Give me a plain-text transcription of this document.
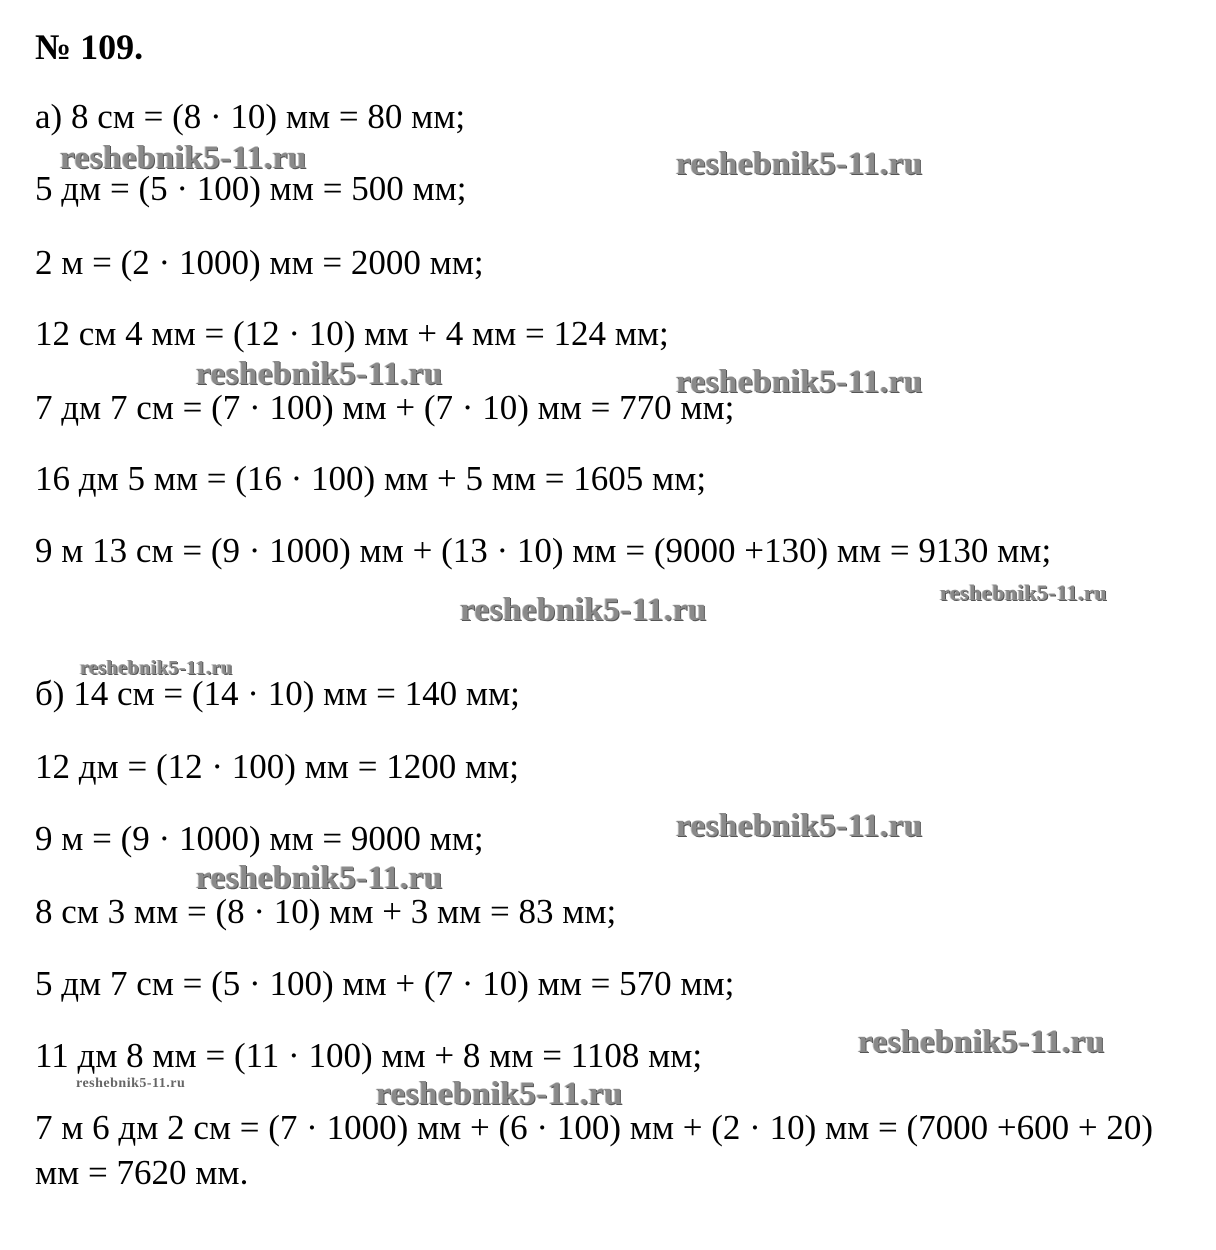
№ 109.
а) 8 см = (8 · 10) мм = 80 мм;
5 дм = (5 · 100) мм = 500 мм;
2 м = (2 · 1000) мм = 2000 мм;
12 см 4 мм = (12 · 10) мм + 4 мм = 124 мм;
7 дм 7 см = (7 · 100) мм + (7 · 10) мм = 770 мм;
16 дм 5 мм = (16 · 100) мм + 5 мм = 1605 мм;
9 м 13 см = (9 · 1000) мм + (13 · 10) мм = (9000 +130) мм = 9130 мм;
б) 14 см = (14 · 10) мм = 140 мм;
12 дм = (12 · 100) мм = 1200 мм;
9 м = (9 · 1000) мм = 9000 мм;
8 см 3 мм = (8 · 10) мм + 3 мм = 83 мм;
5 дм 7 см = (5 · 100) мм + (7 · 10) мм = 570 мм;
11 дм 8 мм = (11 · 100) мм + 8 мм = 1108 мм;
7 м 6 дм 2 см = (7 · 1000) мм + (6 · 100) мм + (2 · 10) мм = (7000 +600 + 20)
мм = 7620 мм.
reshebnik5-11.ru	reshebnik5-11.ru
reshebnik5-11.ru	reshebnik5-11.ru
reshebnik5-11.ru
reshebnik5-11.ru
reshebnik5-11.ru
reshebnik5-11.ru
reshebnik5-11.ru
reshebnik5-11.ru
reshebnik5-11.ru	reshebnik5-11.ru
